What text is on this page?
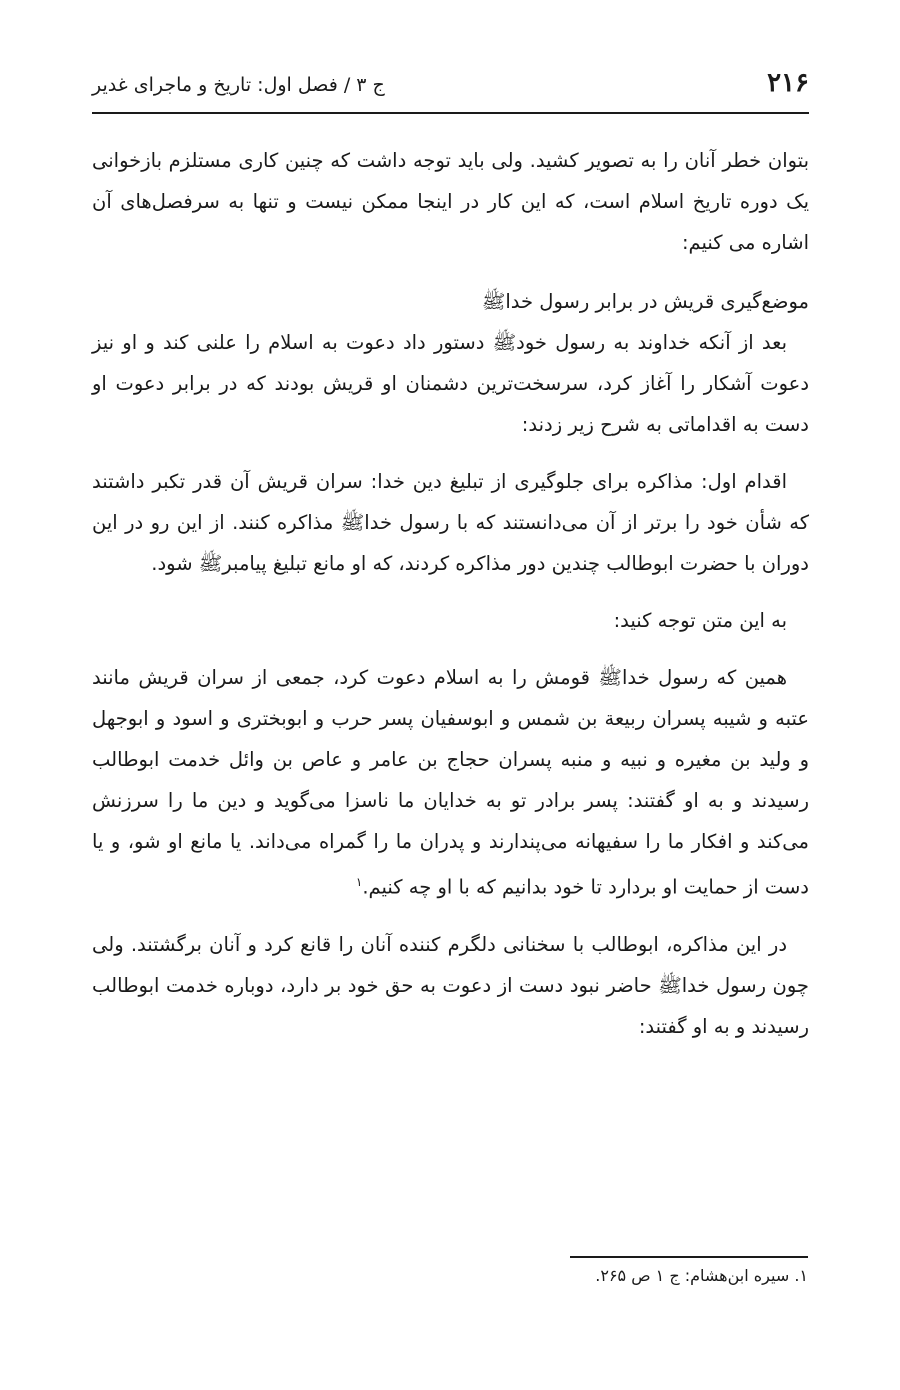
۲۱۶
ج ۳ / فصل اول: تاریخ و ماجرای غدیر

بتوان خطر آنان را به تصویر کشید. ولی باید توجه داشت که چنین کاری مستلزم بازخوانی یک دوره تاریخ اسلام است، که این کار در اینجا ممکن نیست و تنها به سرفصل‌های آن اشاره می کنیم:

موضع‌گیری قریش در برابر رسول خداﷺ

بعد از آنکه خداوند به رسول خودﷺ دستور داد دعوت به اسلام را علنی کند و او نیز دعوت آشکار را آغاز کرد، سرسخت‌ترین دشمنان او قریش بودند که در برابر دعوت او دست به اقداماتی به شرح زیر زدند:

اقدام اول: مذاکره برای جلوگیری از تبلیغ دین خدا: سران قریش آن قدر تکبر داشتند که شأن خود را برتر از آن می‌دانستند که با رسول خداﷺ مذاکره کنند. از این رو در این دوران با حضرت ابوطالب چندین دور مذاکره کردند، که او مانع تبلیغ پیامبرﷺ شود.

به این متن توجه کنید:

همین که رسول خداﷺ قومش را به اسلام دعوت کرد، جمعی از سران قریش مانند عتبه و شیبه پسران ربیعة بن شمس و ابوسفیان پسر حرب و ابوبختری و اسود و ابوجهل و ولید بن مغیره و نبیه و منبه پسران حجاج بن عامر و عاص بن وائل خدمت ابوطالب رسیدند و به او گفتند: پسر برادر تو به خدایان ما ناسزا می‌گوید و دین ما را سرزنش می‌کند و افکار ما را سفیهانه می‌پندارند و پدران ما را گمراه می‌داند. یا مانع او شو، و یا دست از حمایت او بردارد تا خود بدانیم که با او چه کنیم.$^۱$

در این مذاکره، ابوطالب با سخنانی دلگرم کننده آنان را قانع کرد و آنان برگشتند. ولی چون رسول خداﷺ حاضر نبود دست از دعوت به حق خود بر دارد، دوباره خدمت ابوطالب رسیدند و به او گفتند:

۱. سیره ابن‌هشام: ج ۱ ص ۲۶۵.
